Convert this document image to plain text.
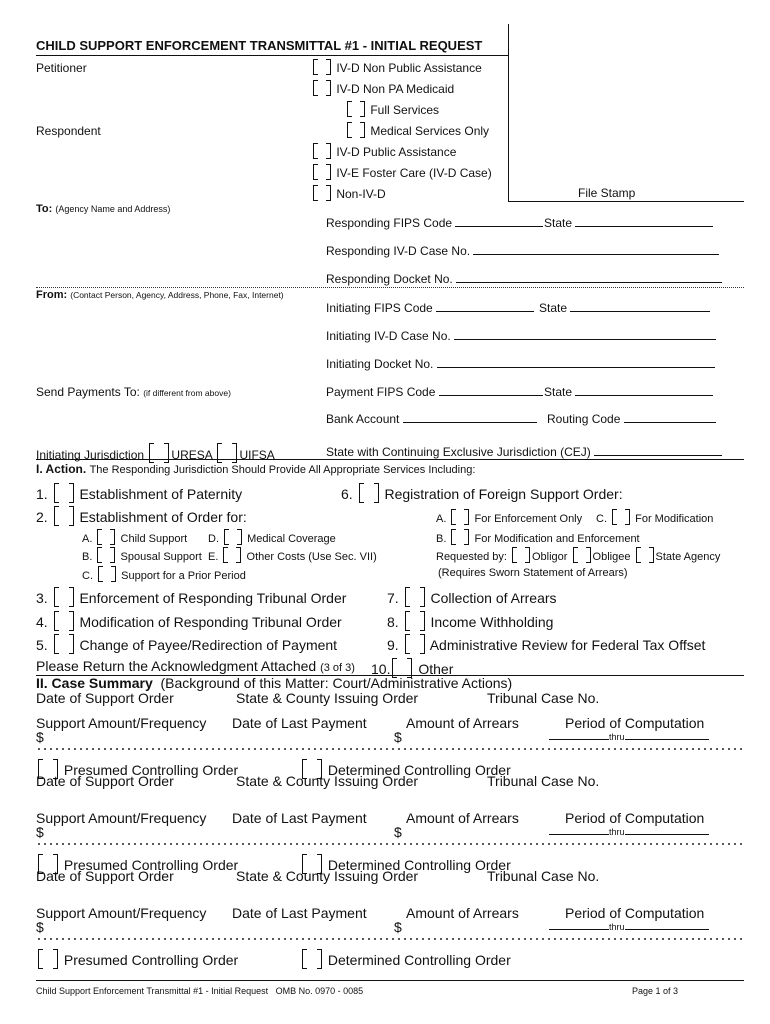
CHILD SUPPORT ENFORCEMENT TRANSMITTAL #1 - INITIAL REQUEST
Petitioner
Respondent
File Stamp
IV-D Non Public Assistance
IV-D Non PA Medicaid
Full Services
Medical Services Only
IV-D Public Assistance
IV-E Foster Care (IV-D Case)
Non-IV-D
To: (Agency Name and Address)
Responding FIPS Code	State
Responding IV-D Case No.
Responding Docket No.
From: (Contact Person, Agency, Address, Phone, Fax, Internet)
Initiating FIPS Code	State
Initiating IV-D Case No.
Initiating Docket No.
Send Payments To: (if different from above)	Payment FIPS Code	State
Bank Account	Routing Code
Initiating Jurisdiction URESA UIFSA	State with Continuing Exclusive Jurisdiction (CEJ)
I. Action. The Responding Jurisdiction Should Provide All Appropriate Services Including:
1. Establishment of Paternity	6. Registration of Foreign Support Order:
2. Establishment of Order for:
A.	Child Support D.	Medical Coverage
B.	Spousal Support E.	Other Costs (Use Sec. VII)
C.	Support for a Prior Period
A.	For Enforcement Only C.	For Modification
B.	For Modification and Enforcement
Requested by: Obligor Obligee State Agency
(Requires Sworn Statement of Arrears)
3. Enforcement of Responding Tribunal Order	7. Collection of Arrears
4. Modification of Responding Tribunal Order	8. Income Withholding
5. Change of Payee/Redirection of Payment	9. Administrative Review for Federal Tax Offset
Please Return the Acknowledgment Attached (3 of 3) 10. Other
II. Case Summary (Background of this Matter: Court/Administrative Actions)
Date of Support Order	State & County Issuing Order	Tribunal Case No.
Support Amount/Frequency Date of Last Payment	Amount of Arrears	Period of Computation
$	$	thru
Presumed Controlling Order	Determined Controlling Order
Date of Support Order	State & County Issuing Order	Tribunal Case No.
Support Amount/Frequency Date of Last Payment	Amount of Arrears	Period of Computation
$	$	thru
Presumed Controlling Order	Determined Controlling Order
Date of Support Order	State & County Issuing Order	Tribunal Case No.
Support Amount/Frequency Date of Last Payment	Amount of Arrears	Period of Computation
$	$	thru
Presumed Controlling Order	Determined Controlling Order
Child Support Enforcement Transmittal #1 - Initial Request OMB No. 0970 - 0085	Page 1 of 3
